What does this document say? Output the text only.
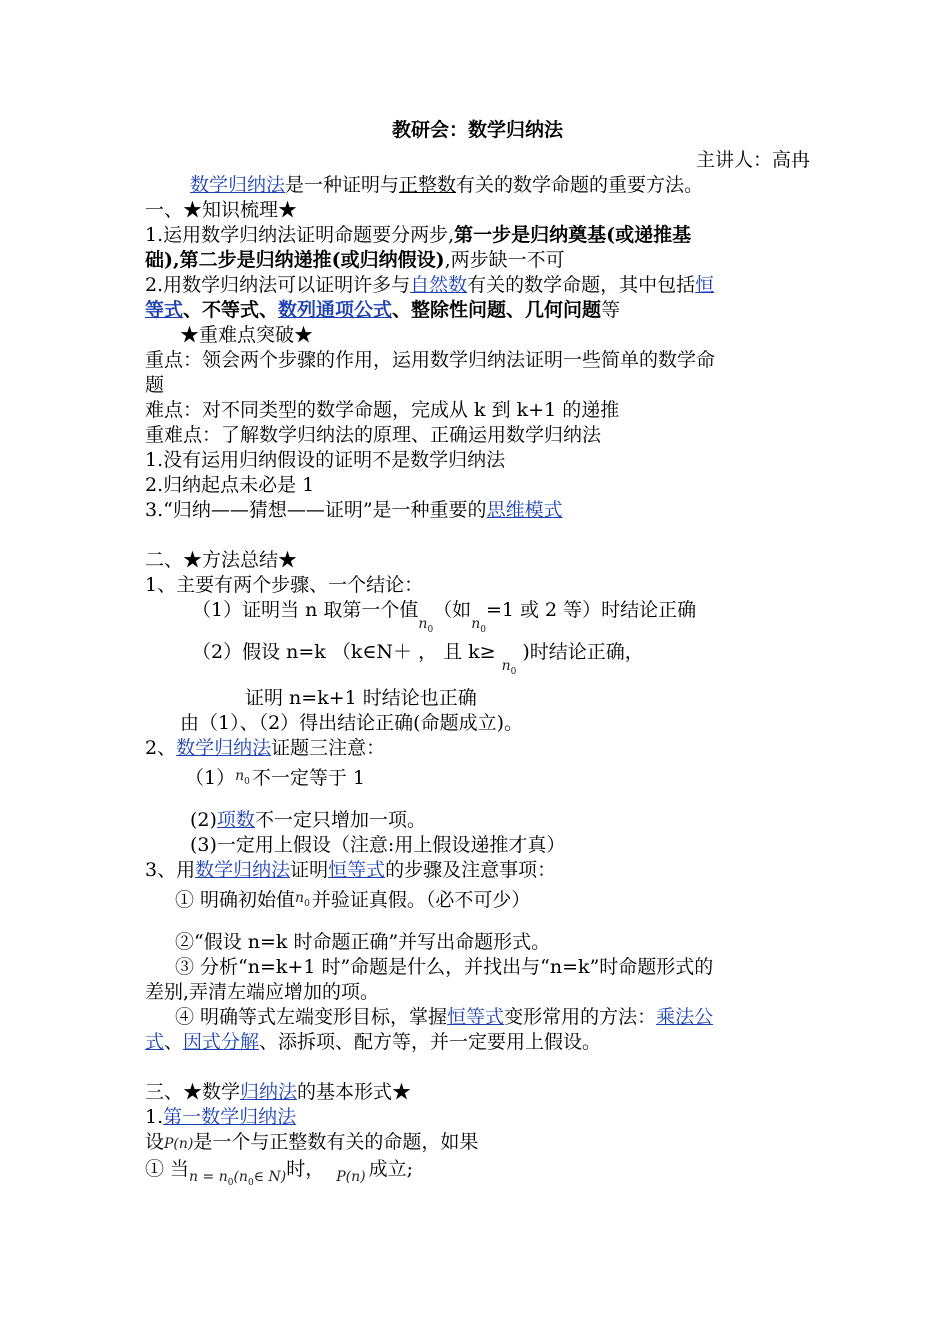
教研会：数学归纳法
主讲人：高冉
数学归纳法是一种证明与正整数有关的数学命题的重要方法。
一、★知识梳理★
1.运用数学归纳法证明命题要分两步,第一步是归纳奠基(或递推基
础),第二步是归纳递推(或归纳假设),两步缺一不可
2.用数学归纳法可以证明许多与自然数有关的数学命题，其中包括恒
等式、不等式、数列通项公式、整除性问题、几何问题等
★重难点突破★
重点：领会两个步骤的作用，运用数学归纳法证明一些简单的数学命
题
难点：对不同类型的数学命题，完成从 k 到 k+1 的递推
重难点：了解数学归纳法的原理、正确运用数学归纳法
1.没有运用归纳假设的证明不是数学归纳法
2.归纳起点未必是 1
3.“归纳——猜想——证明”是一种重要的思维模式
二、★方法总结★
1、主要有两个步骤、一个结论：
（1）证明当 n 取第一个值$n_0$（如$n_0=1$ 或 2 等）时结论正确
（2）假设 n=k （k∈N＋ ， 且 $k\ge n_0$)时结论正确，
证明 n=k+1 时结论也正确
由（1）、（2）得出结论正确(命题成立)。
2、数学归纳法证题三注意：
$(1)^{n_0}$ 不一定等于 1
(2)项数不一定只增加一项。
(3)一定用上假设（注意:用上假设递推才真）
3、用数学归纳法证明恒等式的步骤及注意事项：
① 明确初始值$^{n_0}$ 并验证真假。（必不可少）
②“假设 n=k 时命题正确”并写出命题形式。
③ 分析“n=k+1 时”命题是什么，并找出与“n=k”时命题形式的
差别,弄清左端应增加的项。
④ 明确等式左端变形目标，掌握恒等式变形常用的方法：乘法公
式、因式分解、添拆项、配方等，并一定要用上假设。
三、★数学归纳法的基本形式★
1.第一数学归纳法
设P(n)是一个与正整数有关的命题，如果
① 当$_{n = n_0(n_0\in N)}$时， $_{P(n)}$ 成立;
